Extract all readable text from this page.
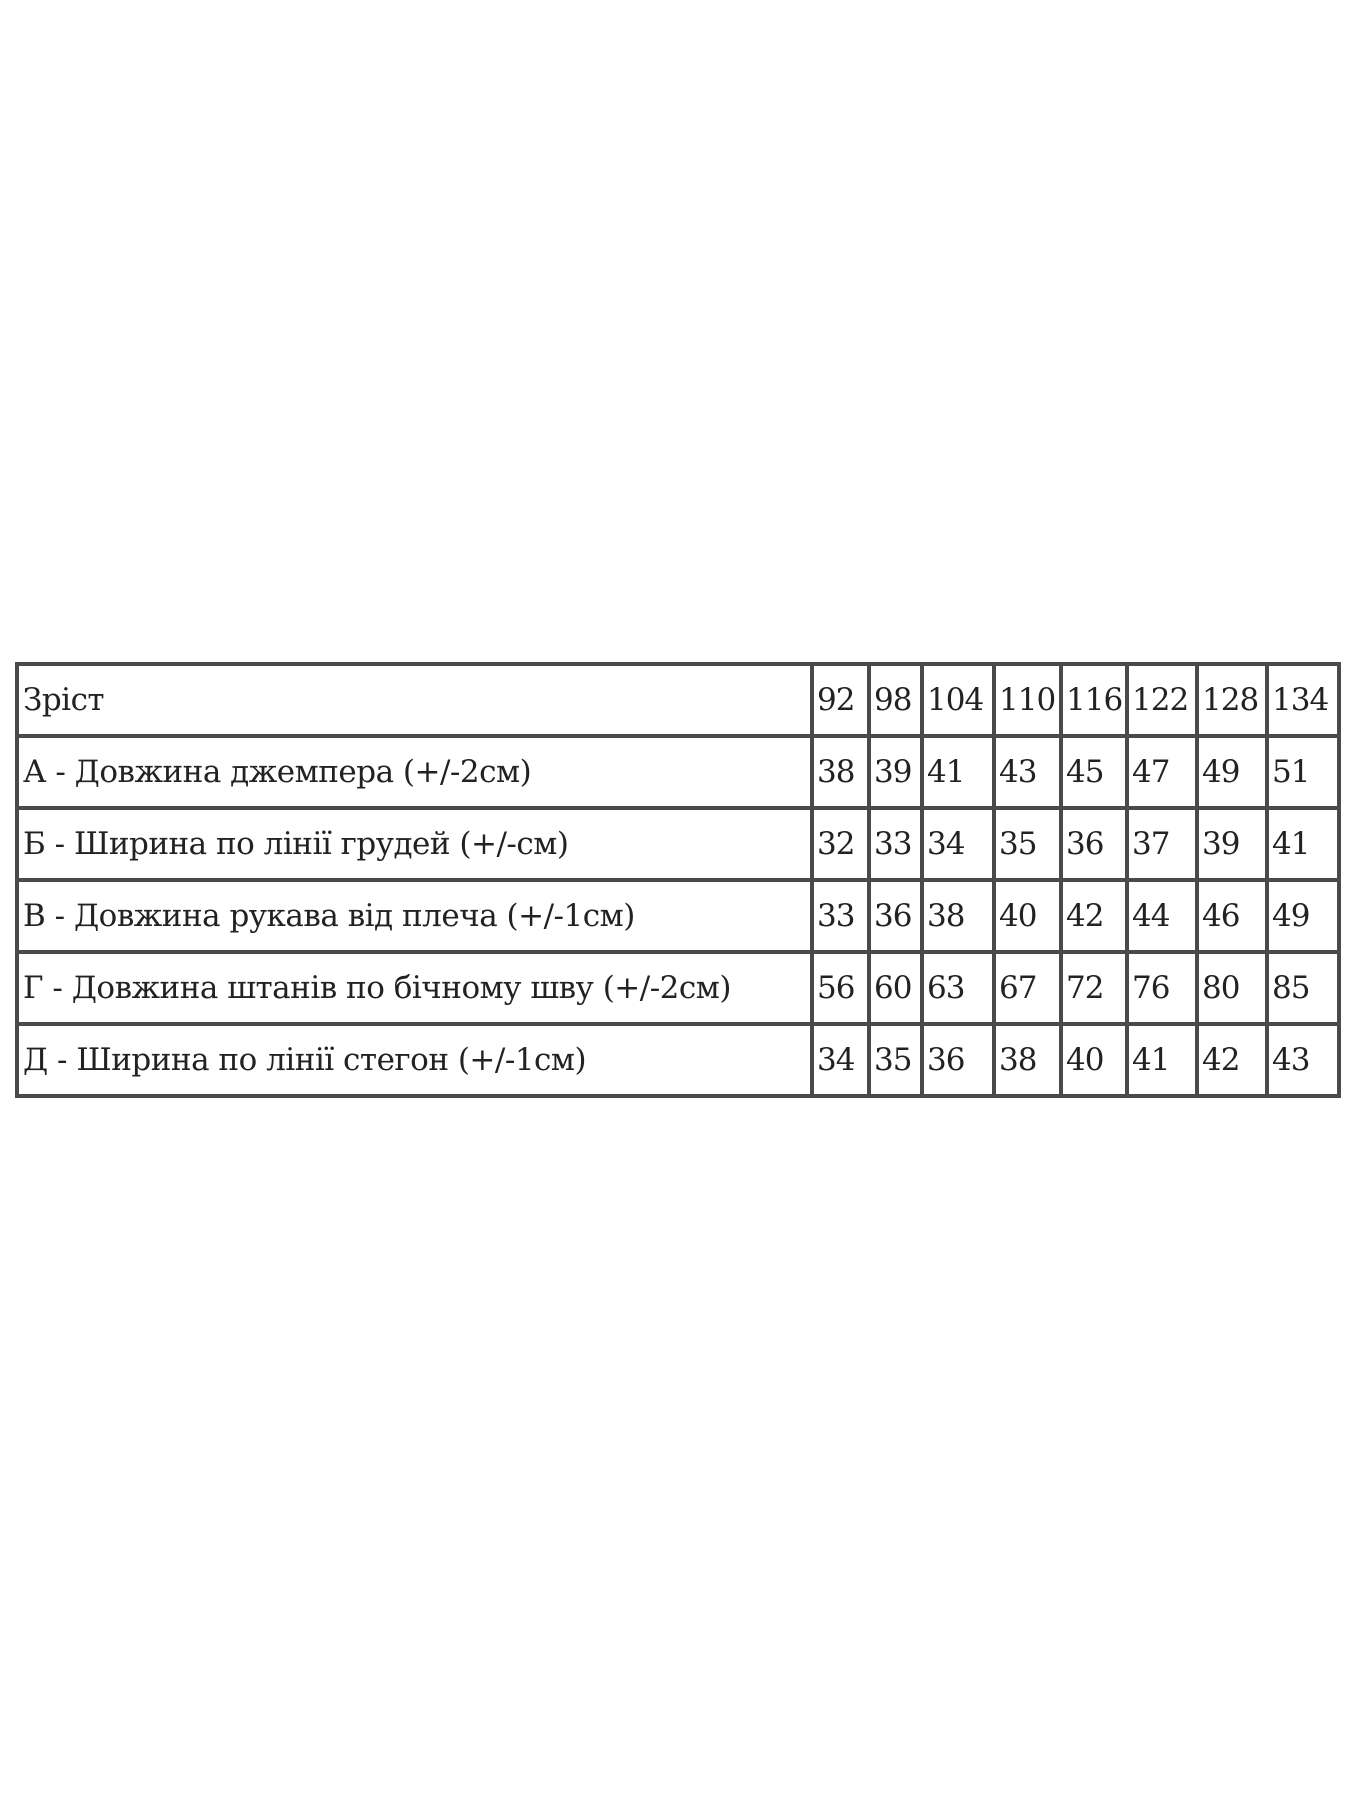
Зріст	92	98	104	110	116	122	128	134
А - Довжина джемпера (+/-2см)	38	39	41	43	45	47	49	51
Б - Ширина по лінії грудей (+/-см)	32	33	34	35	36	37	39	41
В - Довжина рукава від плеча (+/-1см)	33	36	38	40	42	44	46	49
Г - Довжина штанів по бічному шву (+/-2см)	56	60	63	67	72	76	80	85
Д - Ширина по лінії стегон (+/-1см)	34	35	36	38	40	41	42	43
